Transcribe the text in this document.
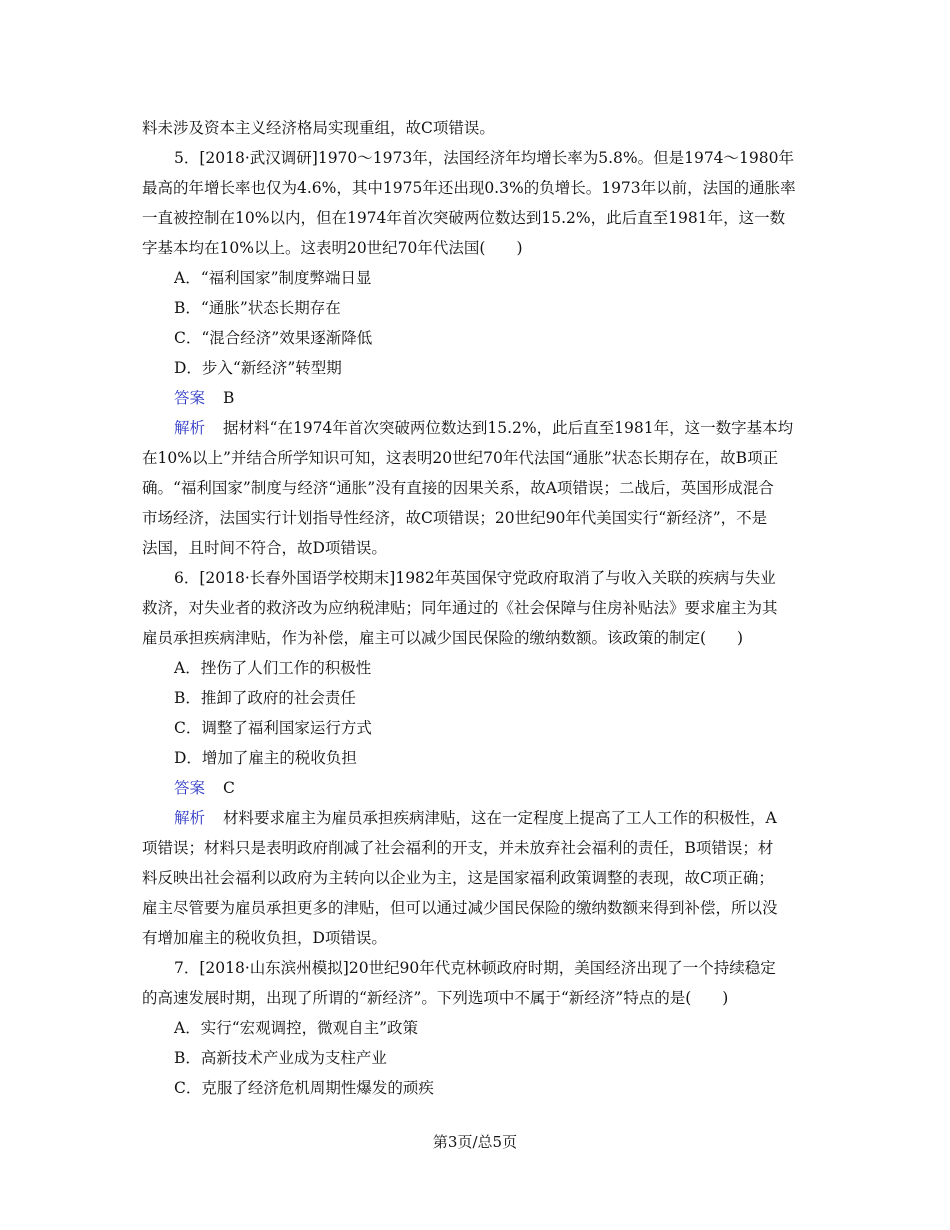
料未涉及资本主义经济格局实现重组，故C项错误。
5．[2018·武汉调研]1970～1973年，法国经济年均增长率为5.8%。但是1974～1980年
最高的年增长率也仅为4.6%，其中1975年还出现0.3%的负增长。1973年以前，法国的通胀率
一直被控制在10%以内，但在1974年首次突破两位数达到15.2%，此后直至1981年，这一数
字基本均在10%以上。这表明20世纪70年代法国(　　)
A．“福利国家”制度弊端日显
B．“通胀”状态长期存在
C．“混合经济”效果逐渐降低
D．步入“新经济”转型期
答案 B
解析 据材料“在1974年首次突破两位数达到15.2%，此后直至1981年，这一数字基本均
在10%以上”并结合所学知识可知，这表明20世纪70年代法国“通胀”状态长期存在，故B项正
确。“福利国家”制度与经济“通胀”没有直接的因果关系，故A项错误；二战后，英国形成混合
市场经济，法国实行计划指导性经济，故C项错误；20世纪90年代美国实行“新经济”，不是
法国，且时间不符合，故D项错误。
6．[2018·长春外国语学校期末]1982年英国保守党政府取消了与收入关联的疾病与失业
救济，对失业者的救济改为应纳税津贴；同年通过的《社会保障与住房补贴法》要求雇主为其
雇员承担疾病津贴，作为补偿，雇主可以减少国民保险的缴纳数额。该政策的制定(　　)
A．挫伤了人们工作的积极性
B．推卸了政府的社会责任
C．调整了福利国家运行方式
D．增加了雇主的税收负担
答案 C
解析 材料要求雇主为雇员承担疾病津贴，这在一定程度上提高了工人工作的积极性，A
项错误；材料只是表明政府削减了社会福利的开支，并未放弃社会福利的责任，B项错误；材
料反映出社会福利以政府为主转向以企业为主，这是国家福利政策调整的表现，故C项正确；
雇主尽管要为雇员承担更多的津贴，但可以通过减少国民保险的缴纳数额来得到补偿，所以没
有增加雇主的税收负担，D项错误。
7．[2018·山东滨州模拟]20世纪90年代克林顿政府时期，美国经济出现了一个持续稳定
的高速发展时期，出现了所谓的“新经济”。下列选项中不属于“新经济”特点的是(　　)
A．实行“宏观调控，微观自主”政策
B．高新技术产业成为支柱产业
C．克服了经济危机周期性爆发的顽疾
第3页/总5页
